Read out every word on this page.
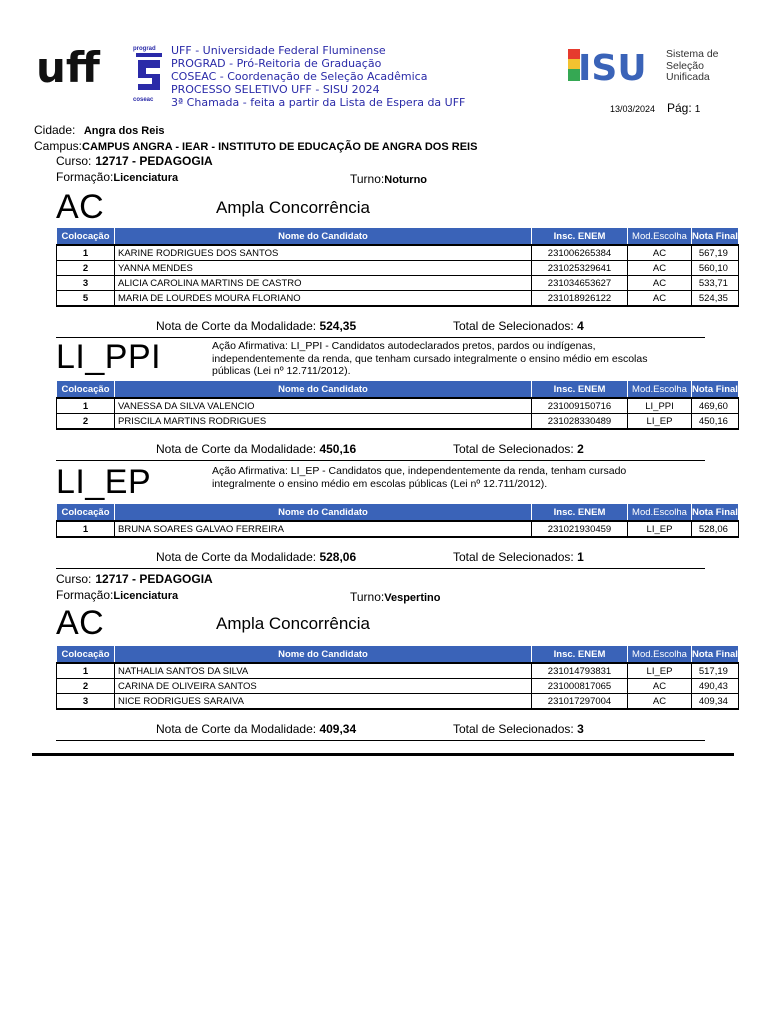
uff	prograd
coseac
UFF - Universidade Federal Fluminense
PROGRAD - Pró-Reitoria de Graduação
COSEAC - Coordenação de Seleção Acadêmica
PROCESSO SELETIVO UFF - SISU 2024
3ª Chamada - feita a partir da Lista de Espera da UFF
ISU Sistema de
Seleção
Unificada
13/03/2024 Pág: 1
Cidade: Angra dos Reis
Campus:CAMPUS ANGRA - IEAR - INSTITUTO DE EDUCAÇÃO DE ANGRA DOS REIS
Curso: 12717 - PEDAGOGIA
Formação:Licenciatura	Turno:Noturno
AC	Ampla Concorrência
Colocação	Nome do Candidato	Insc. ENEM	Mod.Escolha	Nota Final
1	KARINE RODRIGUES DOS SANTOS	231006265384	AC	567,19
2	YANNA MENDES	231025329641	AC	560,10
3	ALICIA CAROLINA MARTINS DE CASTRO	231034653627	AC	533,71
5	MARIA DE LOURDES MOURA FLORIANO	231018926122	AC	524,35
Nota de Corte da Modalidade: 524,35	Total de Selecionados: 4
LI_PPI	Ação Afirmativa: LI_PPI - Candidatos autodeclarados pretos, pardos ou indígenas, independentemente da renda, que tenham cursado integralmente o ensino médio em escolas públicas (Lei nº 12.711/2012).
Colocação	Nome do Candidato	Insc. ENEM	Mod.Escolha	Nota Final
1	VANESSA DA SILVA VALENCIO	231009150716	LI_PPI	469,60
2	PRISCILA MARTINS RODRIGUES	231028330489	LI_EP	450,16
Nota de Corte da Modalidade: 450,16	Total de Selecionados: 2
LI_EP	Ação Afirmativa: LI_EP - Candidatos que, independentemente da renda, tenham cursado integralmente o ensino médio em escolas públicas (Lei nº 12.711/2012).
Colocação	Nome do Candidato	Insc. ENEM	Mod.Escolha	Nota Final
1	BRUNA SOARES GALVAO FERREIRA	231021930459	LI_EP	528,06
Nota de Corte da Modalidade: 528,06	Total de Selecionados: 1
Curso: 12717 - PEDAGOGIA
Formação:Licenciatura	Turno:Vespertino
AC	Ampla Concorrência
Colocação	Nome do Candidato	Insc. ENEM	Mod.Escolha	Nota Final
1	NATHALIA SANTOS DA SILVA	231014793831	LI_EP	517,19
2	CARINA DE OLIVEIRA SANTOS	231000817065	AC	490,43
3	NICE RODRIGUES SARAIVA	231017297004	AC	409,34
Nota de Corte da Modalidade: 409,34	Total de Selecionados: 3
